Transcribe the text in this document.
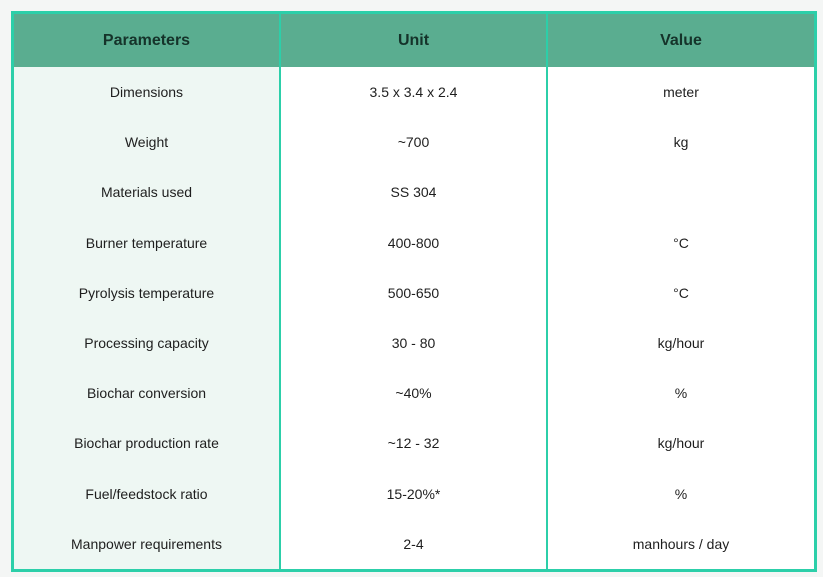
Parameters	Unit	Value
Dimensions	3.5 x 3.4 x 2.4	meter
Weight	~700	kg
Materials used	SS 304	
Burner temperature	400-800	°C
Pyrolysis temperature	500-650	°C
Processing capacity	30 - 80	kg/hour
Biochar conversion	~40%	%
Biochar production rate	~12 - 32	kg/hour
Fuel/feedstock ratio	15-20%*	%
Manpower requirements	2-4	manhours / day
